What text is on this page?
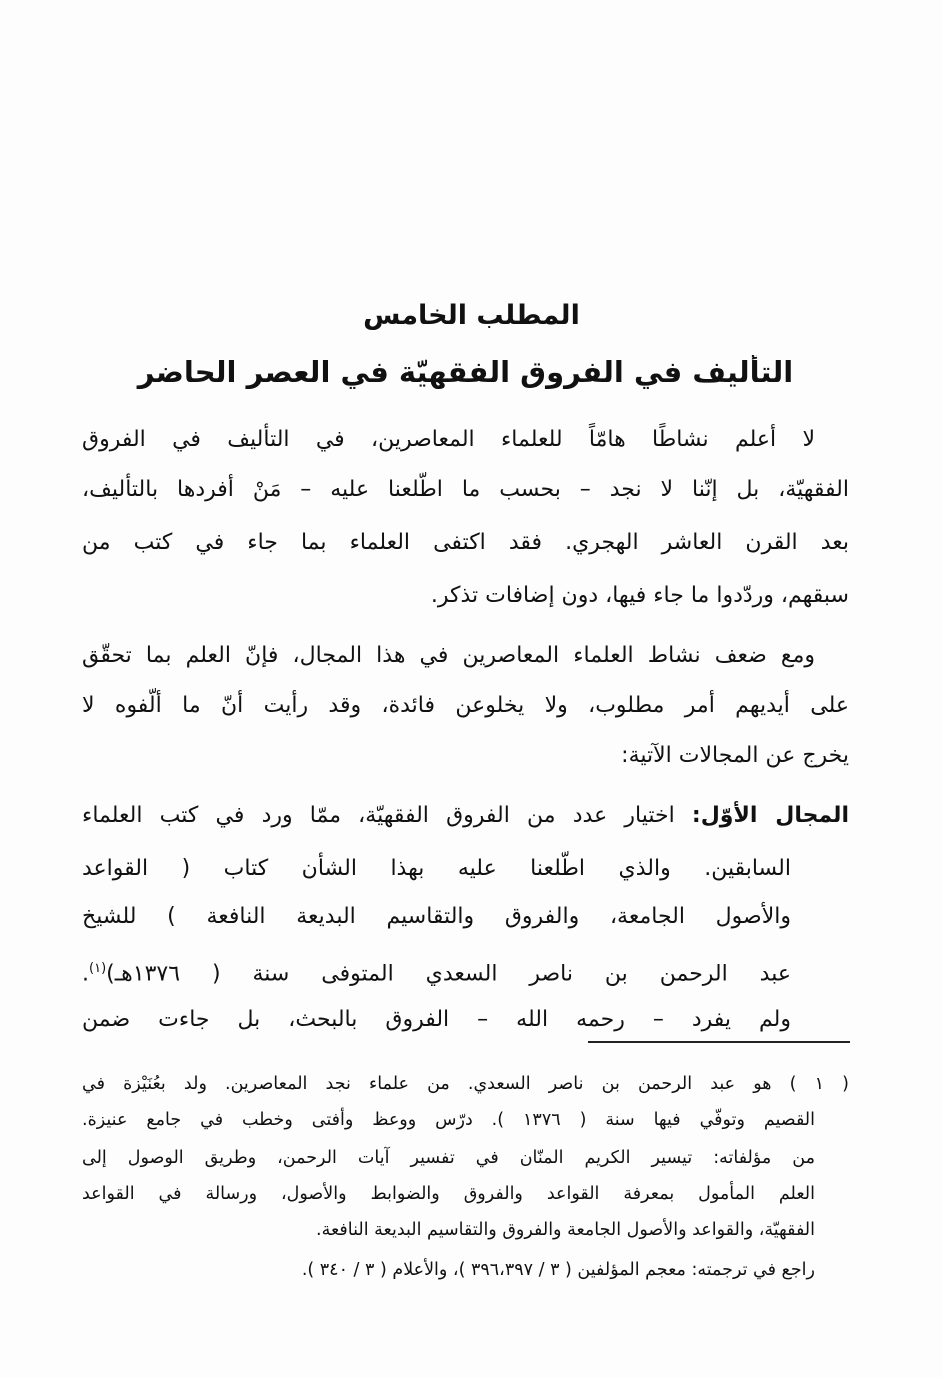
المطلب الخامس
التأليف في الفروق الفقهيّة في العصر الحاضر
لا أعلم نشاطًا هامّاً للعلماء المعاصرين، في التأليف في الفروق
الفقهيّة، بل إنّنا لا نجد – بحسب ما اطّلعنا عليه – مَنْ أفردها بالتأليف،
بعد القرن العاشر الهجري. فقد اكتفى العلماء بما جاء في كتب من
سبقهم، وردّدوا ما جاء فيها، دون إضافات تذكر.
ومع ضعف نشاط العلماء المعاصرين في هذا المجال، فإنّ العلم بما تحقّق
على أيديهم أمر مطلوب، ولا يخلوعن فائدة، وقد رأيت أنّ ما ألّفوه لا
يخرج عن المجالات الآتية:
المجال الأوّل: اختيار عدد من الفروق الفقهيّة، ممّا ورد في كتب العلماء
السابقين. والذي اطّلعنا عليه بهذا الشأن كتاب ( القواعد
والأصول الجامعة، والفروق والتقاسيم البديعة النافعة ) للشيخ
عبد الرحمن بن ناصر السعدي المتوفى سنة ( ١٣٧٦هـ)$^{(١)}$.
ولم يفرد – رحمه الله – الفروق بالبحث، بل جاءت ضمن
( ١ ) هو عبد الرحمن بن ناصر السعدي. من علماء نجد المعاصرين. ولد بعُنَيْزة في
القصيم وتوفّي فيها سنة ( ١٣٧٦ ). درّس ووعظ وأفتى وخطب في جامع عنيزة.
من مؤلفاته: تيسير الكريم المنّان في تفسير آيات الرحمن، وطريق الوصول إلى
العلم المأمول بمعرفة القواعد والفروق والضوابط والأصول، ورسالة في القواعد
الفقهيّة، والقواعد والأصول الجامعة والفروق والتقاسيم البديعة النافعة.
راجع في ترجمته: معجم المؤلفين ( ٣ / ٣٩٦،٣٩٧ )، والأعلام ( ٣ / ٣٤٠ ).
